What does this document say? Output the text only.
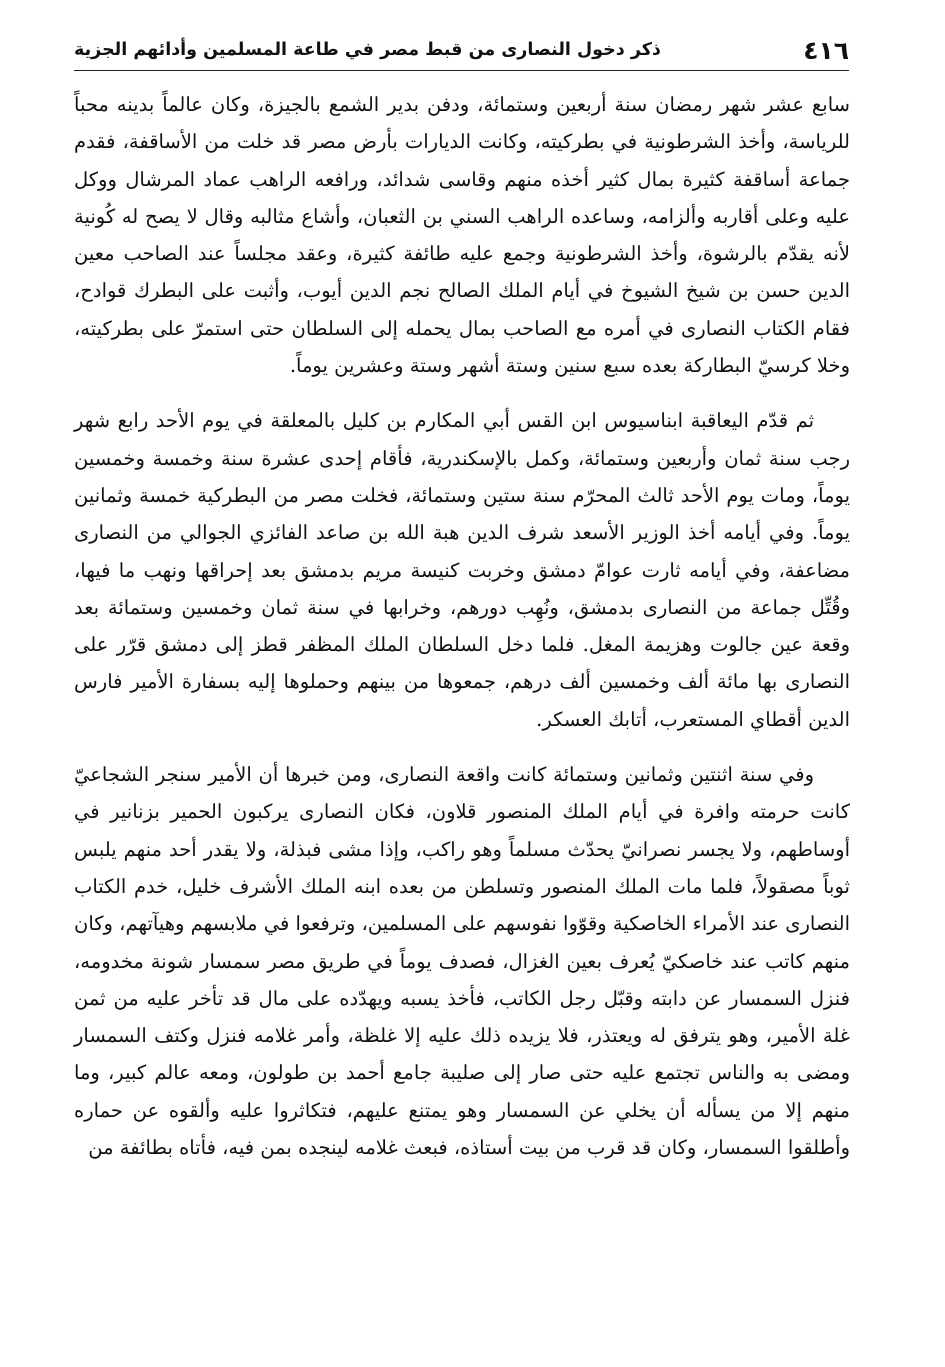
٤١٦
ذكر دخول النصارى من قبط مصر في طاعة المسلمين وأدائهم الجزية

سابع عشر شهر رمضان سنة أربعين وستمائة، ودفن بدير الشمع بالجيزة، وكان عالماً بدينه محباً للرياسة، وأخذ الشرطونية في بطركيته، وكانت الديارات بأرض مصر قد خلت من الأساقفة، فقدم جماعة أساقفة كثيرة بمال كثير أخذه منهم وقاسى شدائد، ورافعه الراهب عماد المرشال ووكل عليه وعلى أقاربه وألزامه، وساعده الراهب السني بن الثعبان، وأشاع مثالبه وقال لا يصح له كُونية لأنه يقدّم بالرشوة، وأخذ الشرطونية وجمع عليه طائفة كثيرة، وعقد مجلساً عند الصاحب معين الدين حسن بن شيخ الشيوخ في أيام الملك الصالح نجم الدين أيوب، وأثبت على البطرك قوادح، فقام الكتاب النصارى في أمره مع الصاحب بمال يحمله إلى السلطان حتى استمرّ على بطركيته، وخلا كرسيّ البطاركة بعده سبع سنين وستة أشهر وستة وعشرين يوماً.

ثم قدّم اليعاقبة ابناسيوس ابن القس أبي المكارم بن كليل بالمعلقة في يوم الأحد رابع شهر رجب سنة ثمان وأربعين وستمائة، وكمل بالإسكندرية، فأقام إحدى عشرة سنة وخمسة وخمسين يوماً، ومات يوم الأحد ثالث المحرّم سنة ستين وستمائة، فخلت مصر من البطركية خمسة وثمانين يوماً. وفي أيامه أخذ الوزير الأسعد شرف الدين هبة الله بن صاعد الفائزي الجوالي من النصارى مضاعفة، وفي أيامه ثارت عوامّ دمشق وخربت كنيسة مريم بدمشق بعد إحراقها ونهب ما فيها، وقُتِّل جماعة من النصارى بدمشق، ونُهِب دورهم، وخرابها في سنة ثمان وخمسين وستمائة بعد وقعة عين جالوت وهزيمة المغل. فلما دخل السلطان الملك المظفر قطز إلى دمشق قرّر على النصارى بها مائة ألف وخمسين ألف درهم، جمعوها من بينهم وحملوها إليه بسفارة الأمير فارس الدين أقطاي المستعرب، أتابك العسكر.

وفي سنة اثنتين وثمانين وستمائة كانت واقعة النصارى، ومن خبرها أن الأمير سنجر الشجاعيّ كانت حرمته وافرة في أيام الملك المنصور قلاون، فكان النصارى يركبون الحمير بزنانير في أوساطهم، ولا يجسر نصرانيّ يحدّث مسلماً وهو راكب، وإذا مشى فبذلة، ولا يقدر أحد منهم يلبس ثوباً مصقولاً، فلما مات الملك المنصور وتسلطن من بعده ابنه الملك الأشرف خليل، خدم الكتاب النصارى عند الأمراء الخاصكية وقوّوا نفوسهم على المسلمين، وترفعوا في ملابسهم وهيآتهم، وكان منهم كاتب عند خاصكيّ يُعرف بعين الغزال، فصدف يوماً في طريق مصر سمسار شونة مخدومه، فنزل السمسار عن دابته وقبّل رجل الكاتب، فأخذ يسبه ويهدّده على مال قد تأخر عليه من ثمن غلة الأمير، وهو يترفق له ويعتذر، فلا يزيده ذلك عليه إلا غلظة، وأمر غلامه فنزل وكتف السمسار ومضى به والناس تجتمع عليه حتى صار إلى صليبة جامع أحمد بن طولون، ومعه عالم كبير، وما منهم إلا من يسأله أن يخلي عن السمسار وهو يمتنع عليهم، فتكاثروا عليه وألقوه عن حماره وأطلقوا السمسار، وكان قد قرب من بيت أستاذه، فبعث غلامه لينجده بمن فيه، فأتاه بطائفة من
